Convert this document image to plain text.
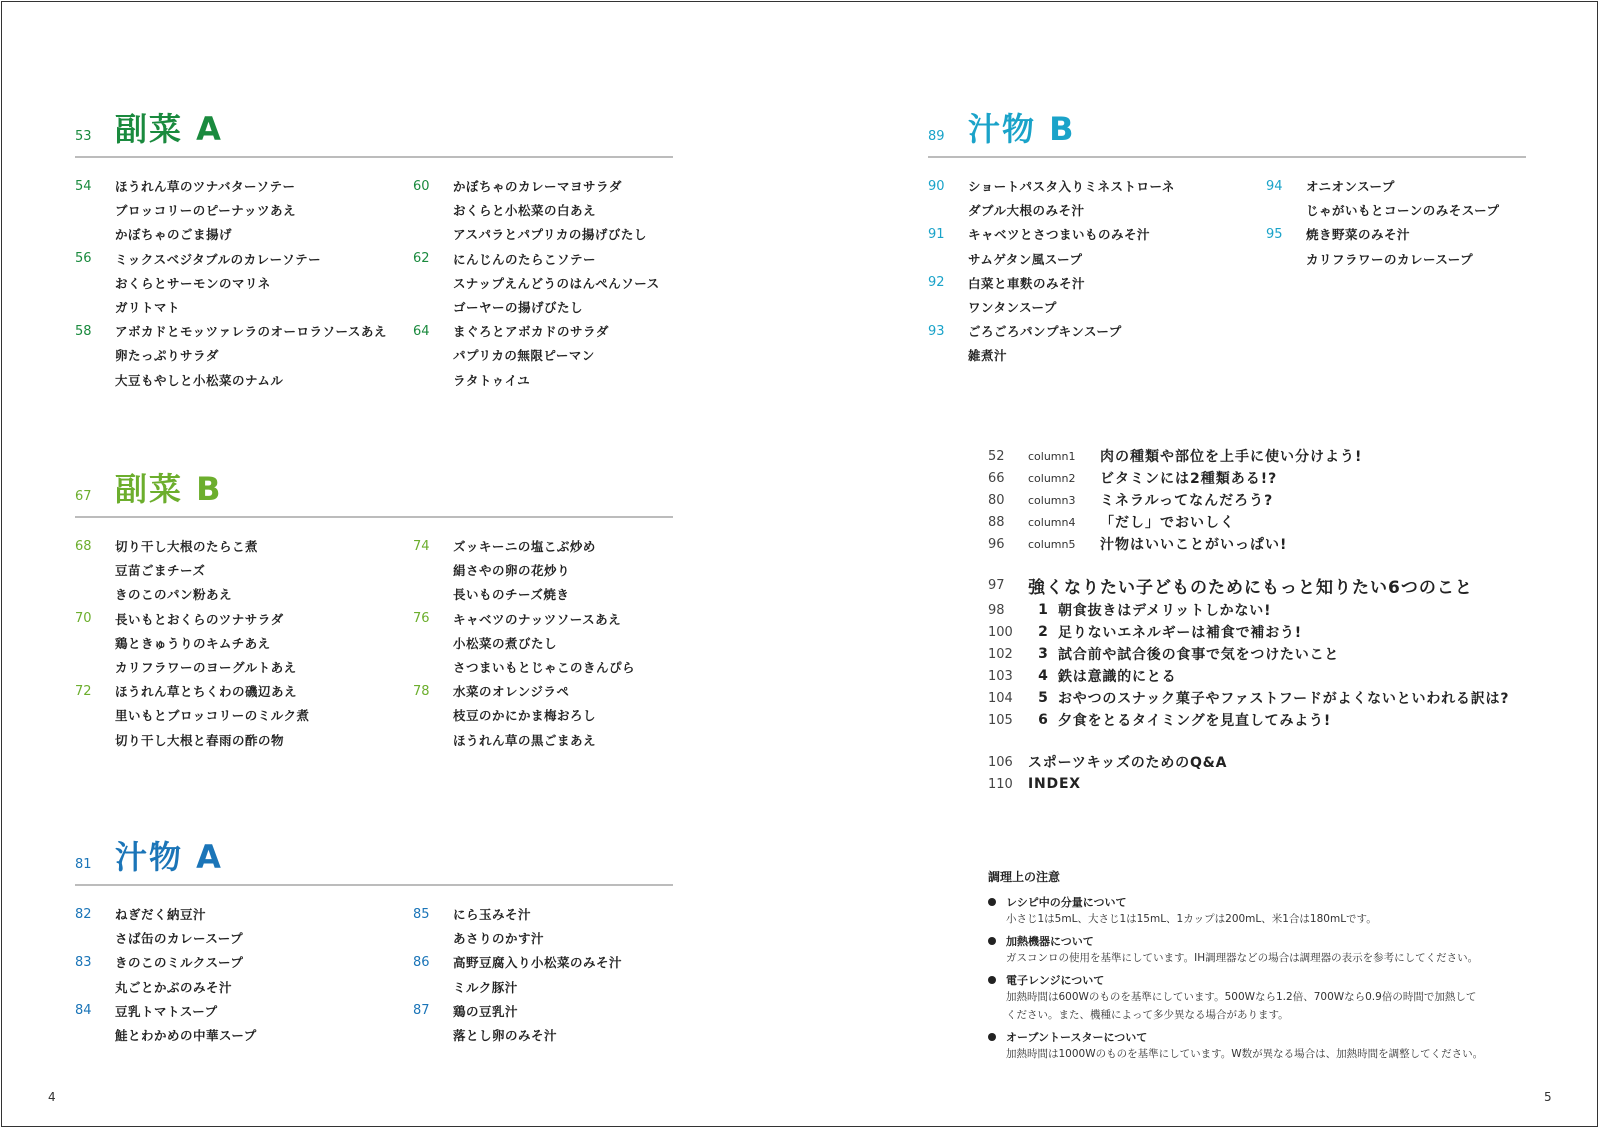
53 副菜 A
54	ほうれん草のツナバターソテー
ブロッコリーのピーナッツあえ
かぼちゃのごま揚げ
56	ミックスベジタブルのカレーソテー
おくらとサーモンのマリネ
ガリトマト
58	アボカドとモッツァレラのオーロラソースあえ
卵たっぷりサラダ
大豆もやしと小松菜のナムル
60	かぼちゃのカレーマヨサラダ
おくらと小松菜の白あえ
アスパラとパプリカの揚げびたし
62	にんじんのたらこソテー
スナップえんどうのはんぺんソース
ゴーヤーの揚げびたし
64	まぐろとアボカドのサラダ
パプリカの無限ピーマン
ラタトゥイユ
67 副菜 B
68	切り干し大根のたらこ煮
豆苗ごまチーズ
きのこのパン粉あえ
70	長いもとおくらのツナサラダ
鶏ときゅうりのキムチあえ
カリフラワーのヨーグルトあえ
72	ほうれん草とちくわの磯辺あえ
里いもとブロッコリーのミルク煮
切り干し大根と春雨の酢の物
74	ズッキーニの塩こぶ炒め
絹さやの卵の花炒り
長いものチーズ焼き
76	キャベツのナッツソースあえ
小松菜の煮びたし
さつまいもとじゃこのきんぴら
78	水菜のオレンジラペ
枝豆のかにかま梅おろし
ほうれん草の黒ごまあえ
81 汁物 A
82	ねぎだく納豆汁
さば缶のカレースープ
83	きのこのミルクスープ
丸ごとかぶのみそ汁
84	豆乳トマトスープ
鮭とわかめの中華スープ
85	にら玉みそ汁
あさりのかす汁
86	高野豆腐入り小松菜のみそ汁
ミルク豚汁
87	鶏の豆乳汁
落とし卵のみそ汁
89 汁物 B
90	ショートパスタ入りミネストローネ
ダブル大根のみそ汁
91	キャベツとさつまいものみそ汁
サムゲタン風スープ
92	白菜と車麩のみそ汁
ワンタンスープ
93	ごろごろパンプキンスープ
雑煮汁
94	オニオンスープ
じゃがいもとコーンのみそスープ
95	焼き野菜のみそ汁
カリフラワーのカレースープ
52	column1	肉の種類や部位を上手に使い分けよう!
66	column2	ビタミンには2種類ある!?
80	column3	ミネラルってなんだろう?
88	column4	「だし」でおいしく
96	column5	汁物はいいことがいっぱい!
97	強くなりたい子どものためにもっと知りたい6つのこと
98	1 朝食抜きはデメリットしかない!
100	2 足りないエネルギーは補食で補おう!
102	3 試合前や試合後の食事で気をつけたいこと
103	4 鉄は意識的にとる
104	5 おやつのスナック菓子やファストフードがよくないといわれる訳は?
105	6 夕食をとるタイミングを見直してみよう!
106	スポーツキッズのためのQ&A
110	INDEX
調理上の注意
レシピ中の分量について
小さじ1は5mL、大さじ1は15mL、1カップは200mL、米1合は180mLです。
加熱機器について
ガスコンロの使用を基準にしています。IH調理器などの場合は調理器の表示を参考にしてください。
電子レンジについて
加熱時間は600Wのものを基準にしています。500Wなら1.2倍、700Wなら0.9倍の時間で加熱して
ください。また、機種によって多少異なる場合があります。
オーブントースターについて
加熱時間は1000Wのものを基準にしています。W数が異なる場合は、加熱時間を調整してください。
4	5
